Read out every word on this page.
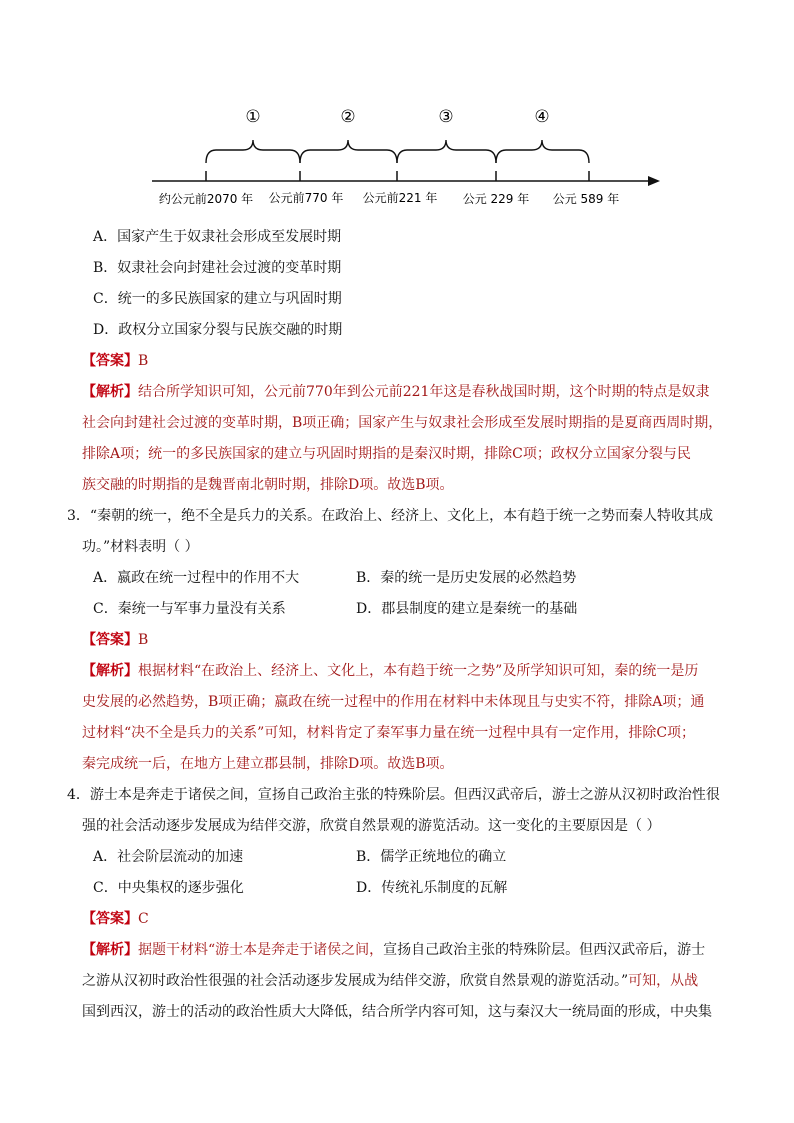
①	②	③	④
约公元前2070 年 公元前770 年 公元前221 年 公元 229 年 公元 589 年
A．国家产生于奴隶社会形成至发展时期
B．奴隶社会向封建社会过渡的变革时期
C．统一的多民族国家的建立与巩固时期
D．政权分立国家分裂与民族交融的时期
【答案】B
【解析】结合所学知识可知，公元前770年到公元前221年这是春秋战国时期，这个时期的特点是奴隶
社会向封建社会过渡的变革时期，B项正确；国家产生与奴隶社会形成至发展时期指的是夏商西周时期，
排除A项；统一的多民族国家的建立与巩固时期指的是秦汉时期，排除C项；政权分立国家分裂与民
族交融的时期指的是魏晋南北朝时期，排除D项。故选B项。
3．“秦朝的统一，绝不全是兵力的关系。在政治上、经济上、文化上，本有趋于统一之势而秦人特收其成
功。”材料表明（ ）
A．嬴政在统一过程中的作用不大	B．秦的统一是历史发展的必然趋势
C．秦统一与军事力量没有关系	D．郡县制度的建立是秦统一的基础
【答案】B
【解析】根据材料“在政治上、经济上、文化上，本有趋于统一之势”及所学知识可知，秦的统一是历
史发展的必然趋势，B项正确；嬴政在统一过程中的作用在材料中未体现且与史实不符，排除A项；通
过材料“决不全是兵力的关系”可知，材料肯定了秦军事力量在统一过程中具有一定作用，排除C项；
秦完成统一后，在地方上建立郡县制，排除D项。故选B项。
4．游士本是奔走于诸侯之间，宣扬自己政治主张的特殊阶层。但西汉武帝后，游士之游从汉初时政治性很
强的社会活动逐步发展成为结伴交游，欣赏自然景观的游览活动。这一变化的主要原因是（ ）
A．社会阶层流动的加速	B．儒学正统地位的确立
C．中央集权的逐步强化	D．传统礼乐制度的瓦解
【答案】C
【解析】据题干材料“游士本是奔走于诸侯之间，宣扬自己政治主张的特殊阶层。但西汉武帝后，游士
之游从汉初时政治性很强的社会活动逐步发展成为结伴交游，欣赏自然景观的游览活动。”可知，从战
国到西汉，游士的活动的政治性质大大降低，结合所学内容可知，这与秦汉大一统局面的形成，中央集
